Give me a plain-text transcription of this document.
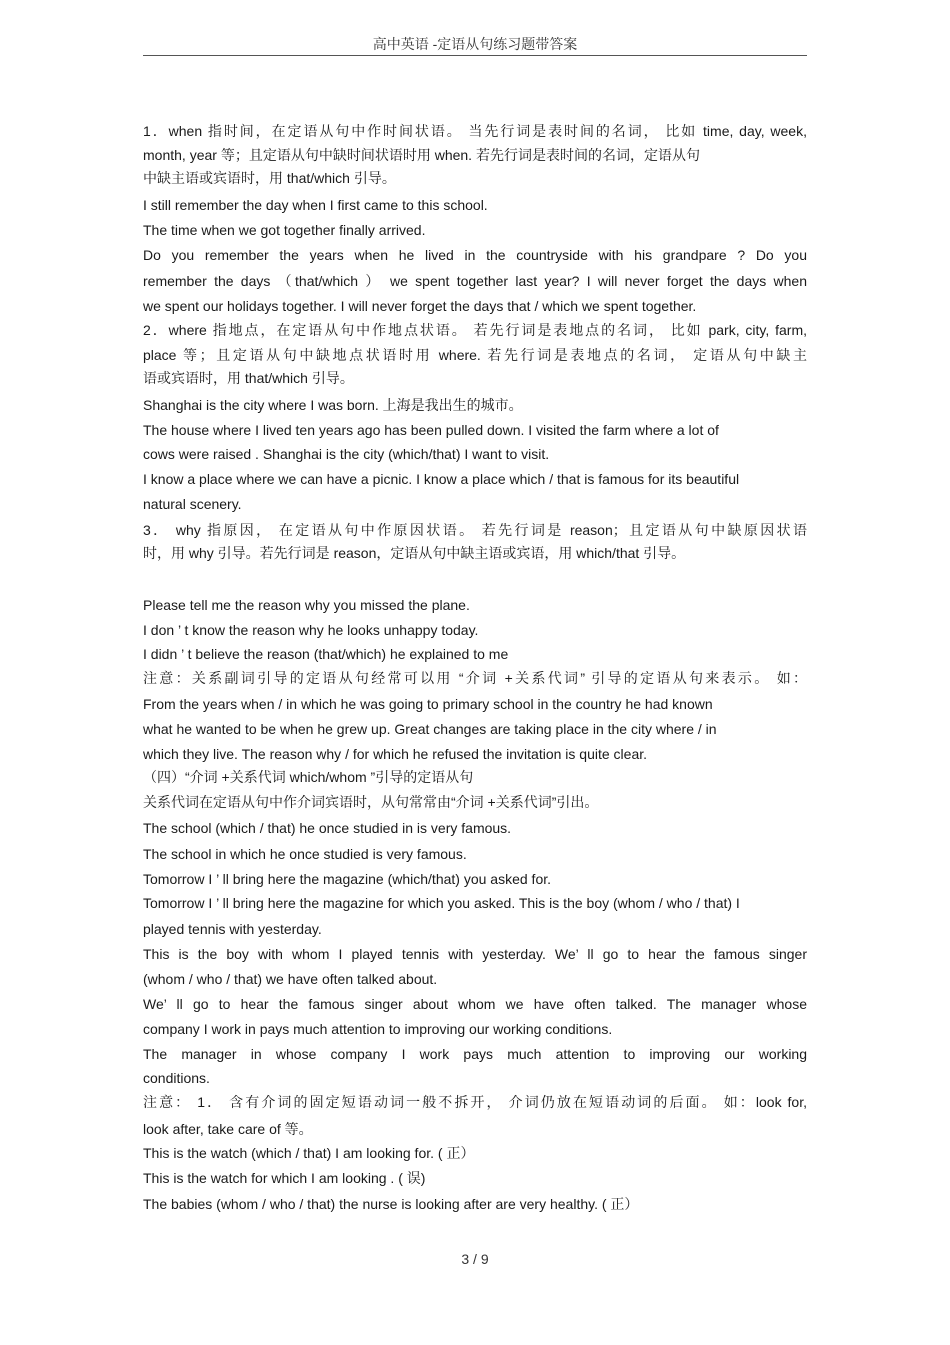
高中英语 -定语从句练习题带答案
1．when 指时间，在定语从句中作时间状语。 当先行词是表时间的名词， 比如 time, day, week,
month, year 等；且定语从句中缺时间状语时用 when. 若先行词是表时间的名词，定语从句
中缺主语或宾语时，用 that/which 引导。
I still remember the day when I first came to this school.
The time when we got together finally arrived.
Do you remember the years when he lived in the countryside with his grandpare ? Do you
remember the days （that/which ） we spent together last year? I will never forget the days when
we spent our holidays together. I will never forget the days that / which we spent together.
2．where 指地点，在定语从句中作地点状语。 若先行词是表地点的名词， 比如 park, city, farm,
place 等；且定语从句中缺地点状语时用 where. 若先行词是表地点的名词， 定语从句中缺主
语或宾语时，用 that/which 引导。
Shanghai is the city where I was born. 上海是我出生的城市。
The house where I lived ten years ago has been pulled down. I visited the farm where a lot of
cows were raised . Shanghai is the city (which/that) I want to visit.
I know a place where we can have a picnic. I know a place which / that is famous for its beautiful
natural scenery.
3． why 指原因， 在定语从句中作原因状语。 若先行词是 reason；且定语从句中缺原因状语
时，用 why 引导。若先行词是 reason，定语从句中缺主语或宾语，用 which/that 引导。
Please tell me the reason why you missed the plane.
I don ’ t know the reason why he looks unhappy today.
I didn ’ t believe the reason (that/which) he explained to me
注意：关系副词引导的定语从句经常可以用 “介词 +关系代词” 引导的定语从句来表示。 如：
From the years when / in which he was going to primary school in the country he had known
what he wanted to be when he grew up. Great changes are taking place in the city where / in
which they live. The reason why / for which he refused the invitation is quite clear.
（四）“介词 +关系代词 which/whom ”引导的定语从句
关系代词在定语从句中作介词宾语时，从句常常由“介词 +关系代词”引出。
The school (which / that) he once studied in is very famous.
The school in which he once studied is very famous.
Tomorrow I ’ ll bring here the magazine (which/that) you asked for.
Tomorrow I ’ ll bring here the magazine for which you asked. This is the boy (whom / who / that) I
played tennis with yesterday.
This is the boy with whom I played tennis with yesterday. We’ ll go to hear the famous singer
(whom / who / that) we have often talked about.
We’ ll go to hear the famous singer about whom we have often talked. The manager whose
company I work in pays much attention to improving our working conditions.
The manager in whose company I work pays much attention to improving our working
conditions.
注意： 1． 含有介词的固定短语动词一般不拆开， 介词仍放在短语动词的后面。 如：look for,
look after, take care of 等。
This is the watch (which / that) I am looking for. ( 正）
This is the watch for which I am looking . ( 误)
The babies (whom / who / that) the nurse is looking after are very healthy. ( 正）
3 / 9
